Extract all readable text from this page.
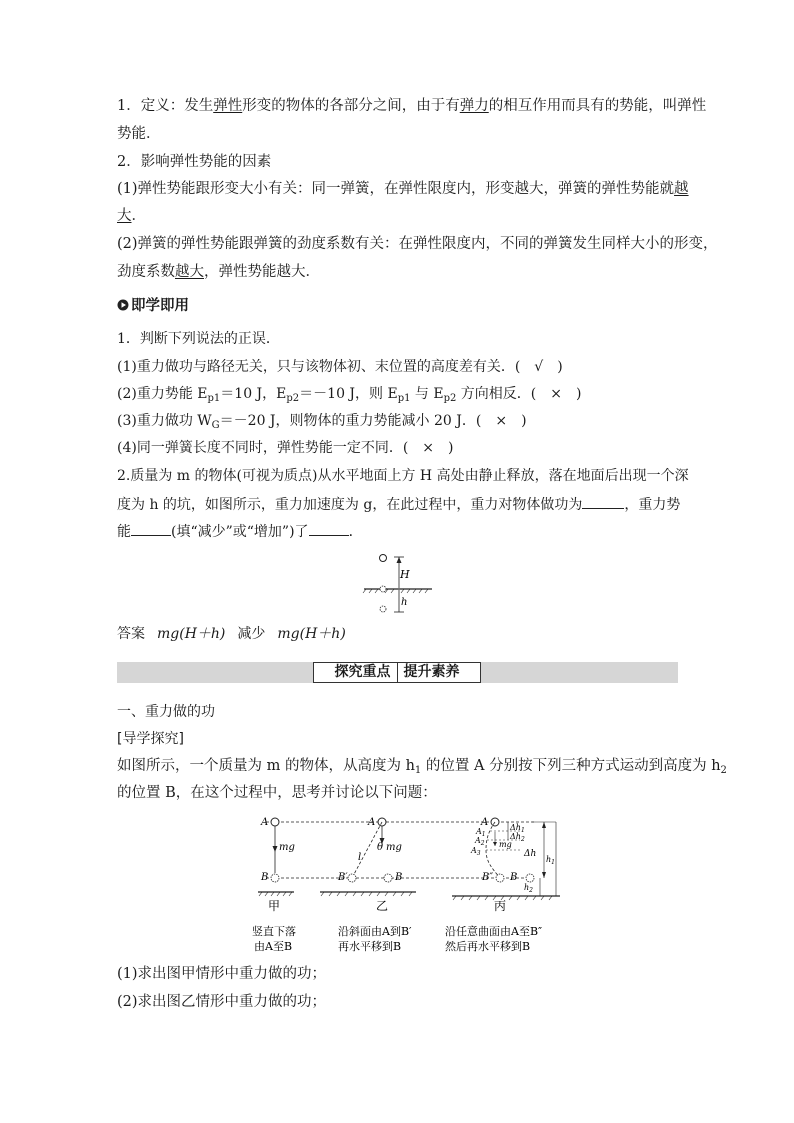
1．定义：发生弹性形变的物体的各部分之间，由于有弹力的相互作用而具有的势能，叫弹性
势能．
2．影响弹性势能的因素
(1)弹性势能跟形变大小有关：同一弹簧，在弹性限度内，形变越大，弹簧的弹性势能就越
大．
(2)弹簧的弹性势能跟弹簧的劲度系数有关：在弹性限度内，不同的弹簧发生同样大小的形变，
劲度系数越大，弹性势能越大．
即学即用
1．判断下列说法的正误．
(1)重力做功与路径无关，只与该物体初、末位置的高度差有关．(　√　)
(2)重力势能 $E_{p1}=10$ J，$E_{p2}=-10$ J，则 $E_{p1}$ 与 $E_{p2}$ 方向相反．(　×　)
(3)重力做功 $W_G=-20$ J，则物体的重力势能减小 20 J．(　×　)
(4)同一弹簧长度不同时，弹性势能一定不同．(　×　)
2.质量为 m 的物体(可视为质点)从水平地面上方 H 高处由静止释放，落在地面后出现一个深
度为 h 的坑，如图所示，重力加速度为 g，在此过程中，重力对物体做功为	，重力势
能	(填“减少”或“增加”)了	．
H
h
答案 mg(H＋h) 减少 mg(H＋h)
探究重点 提升素养
一、重力做的功
[导学探究]
如图所示，一个质量为 m 的物体，从高度为 $h_1$ 的位置 A 分别按下列三种方式运动到高度为 $h_2$
的位置 B，在这个过程中，思考并讨论以下问题：
A
mg
B
甲
竖直下落
由A至B
A
θ mg
l
B′	B
乙
沿斜面由A到B′
再水平移到B
A
$A_1$
$A_2$
$A_3$
mg
$\Delta h_1$
$\Delta h_2$
B″ B
Δh
$h_1$
$h_2$
丙
沿任意曲面由A至B″
然后再水平移到B
(1)求出图甲情形中重力做的功；
(2)求出图乙情形中重力做的功；
